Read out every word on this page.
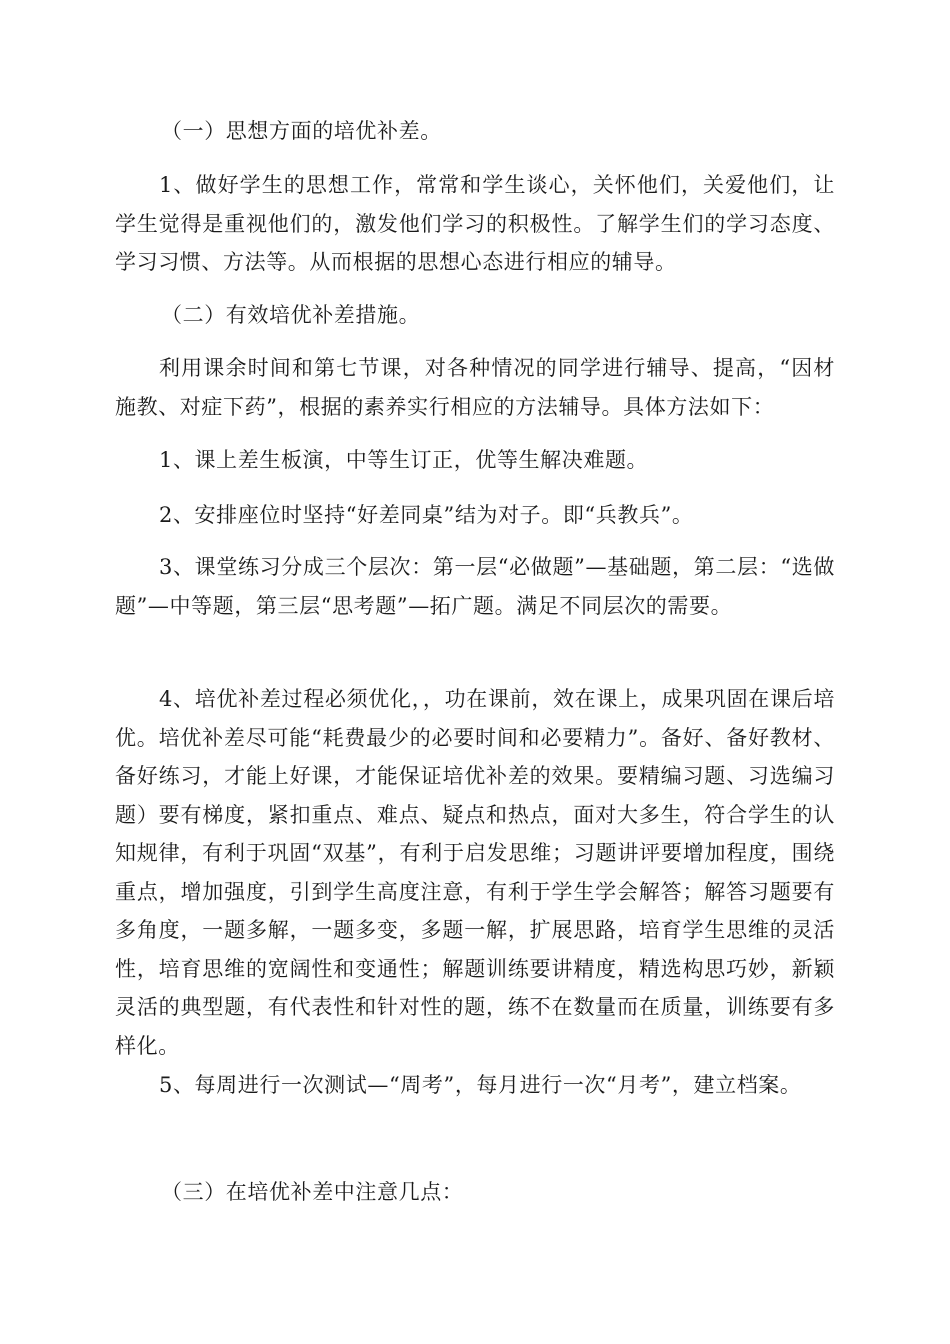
（一）思想方面的培优补差。

1、做好学生的思想工作，常常和学生谈心，关怀他们，关爱他们，让学生觉得是重视他们的，激发他们学习的积极性。了解学生们的学习态度、学习习惯、方法等。从而根据的思想心态进行相应的辅导。

（二）有效培优补差措施。

利用课余时间和第七节课，对各种情况的同学进行辅导、提高，“因材施教、对症下药”，根据的素养实行相应的方法辅导。具体方法如下：

1、课上差生板演，中等生订正，优等生解决难题。

2、安排座位时坚持“好差同桌”结为对子。即“兵教兵”。

3、课堂练习分成三个层次：第一层“必做题”—基础题，第二层：“选做题”—中等题，第三层“思考题”—拓广题。满足不同层次的需要。

4、培优补差过程必须优化，，功在课前，效在课上，成果巩固在课后培优。培优补差尽可能“耗费最少的必要时间和必要精力”。备好、备好教材、备好练习，才能上好课，才能保证培优补差的效果。要精编习题、习选编习题）要有梯度，紧扣重点、难点、疑点和热点，面对大多生，符合学生的认知规律，有利于巩固“双基”，有利于启发思维；习题讲评要增加程度，围绕重点，增加强度，引到学生高度注意，有利于学生学会解答；解答习题要有多角度，一题多解，一题多变，多题一解，扩展思路，培育学生思维的灵活性，培育思维的宽阔性和变通性；解题训练要讲精度，精选构思巧妙，新颖灵活的典型题，有代表性和针对性的题，练不在数量而在质量，训练要有多样化。

5、每周进行一次测试—“周考”，每月进行一次“月考”，建立档案。

（三）在培优补差中注意几点：
